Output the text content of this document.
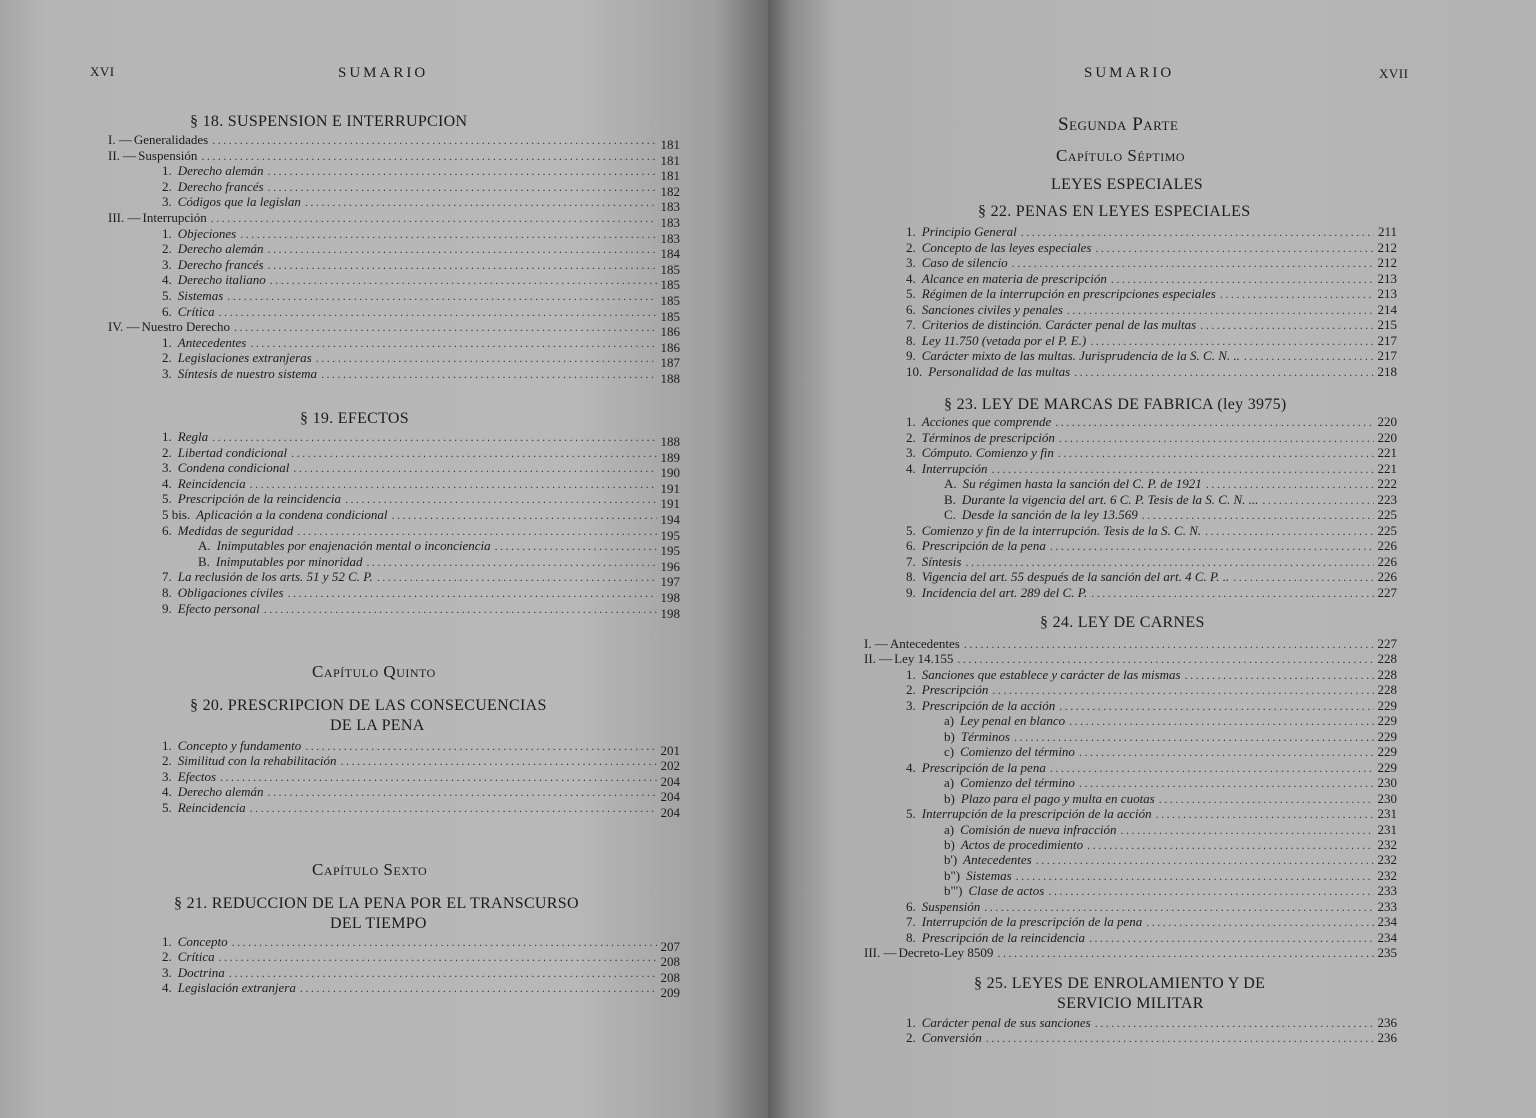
XVI	SUMARIO
§ 18. SUSPENSION E INTERRUPCION
I. — Generalidades .....	181
II. — Suspensión .....	181
1. Derecho alemán .....	181
2. Derecho francés .....	182
3. Códigos que la legislan .....	183
III. — Interrupción .....	183
1. Objeciones .....	183
2. Derecho alemán .....	184
3. Derecho francés .....	185
4. Derecho italiano .....	185
5. Sistemas .....	185
6. Crítica .....	185
IV. — Nuestro Derecho .....	186
1. Antecedentes .....	186
2. Legislaciones extranjeras .....	187
3. Síntesis de nuestro sistema .....	188
§ 19. EFECTOS
1. Regla .....	188
2. Libertad condicional .....	189
3. Condena condicional .....	190
4. Reincidencia .....	191
5. Prescripción de la reincidencia .....	191
5 bis. Aplicación a la condena condicional .....	194
6. Medidas de seguridad .....	195
A. Inimputables por enajenación mental o inconciencia .....	195
B. Inimputables por minoridad .....	196
7. La reclusión de los arts. 51 y 52 C. P. .....	197
8. Obligaciones civiles .....	198
9. Efecto personal .....	198
Capítulo Quinto
§ 20. PRESCRIPCION DE LAS CONSECUENCIAS
DE LA PENA
1. Concepto y fundamento .....	201
2. Similitud con la rehabilitación .....	202
3. Efectos .....	204
4. Derecho alemán .....	204
5. Reincidencia .....	204
Capítulo Sexto
§ 21. REDUCCION DE LA PENA POR EL TRANSCURSO
DEL TIEMPO
1. Concepto .....	207
2. Crítica .....	208
3. Doctrina .....	208
4. Legislación extranjera .....	209
SUMARIO	XVII
Segunda Parte
Capítulo Séptimo
LEYES ESPECIALES
§ 22. PENAS EN LEYES ESPECIALES
1. Principio General .....	211
2. Concepto de las leyes especiales .....	212
3. Caso de silencio .....	212
4. Alcance en materia de prescripción .....	213
5. Régimen de la interrupción en prescripciones especiales .....	213
6. Sanciones civiles y penales .....	214
7. Criterios de distinción. Carácter penal de las multas .....	215
8. Ley 11.750 (vetada por el P. E.) .....	217
9. Carácter mixto de las multas. Jurisprudencia de la S. C. N. .. .....	217
10. Personalidad de las multas .....	218
§ 23. LEY DE MARCAS DE FABRICA (ley 3975)
1. Acciones que comprende .....	220
2. Términos de prescripción .....	220
3. Cómputo. Comienzo y fin .....	221
4. Interrupción .....	221
A. Su régimen hasta la sanción del C. P. de 1921 .....	222
B. Durante la vigencia del art. 6 C. P. Tesis de la S. C. N. ... .....	223
C. Desde la sanción de la ley 13.569 .....	225
5. Comienzo y fin de la interrupción. Tesis de la S. C. N. .....	225
6. Prescripción de la pena .....	226
7. Síntesis .....	226
8. Vigencia del art. 55 después de la sanción del art. 4 C. P. .. .....	226
9. Incidencia del art. 289 del C. P. .....	227
§ 24. LEY DE CARNES
I. — Antecedentes .....	227
II. — Ley 14.155 .....	228
1. Sanciones que establece y carácter de las mismas .....	228
2. Prescripción .....	228
3. Prescripción de la acción .....	229
a) Ley penal en blanco .....	229
b) Términos .....	229
c) Comienzo del término .....	229
4. Prescripción de la pena .....	229
a) Comienzo del término .....	230
b) Plazo para el pago y multa en cuotas .....	230
5. Interrupción de la prescripción de la acción .....	231
a) Comisión de nueva infracción .....	231
b) Actos de procedimiento .....	232
b') Antecedentes .....	232
b") Sistemas .....	232
b"') Clase de actos .....	233
6. Suspensión .....	233
7. Interrupción de la prescripción de la pena .....	234
8. Prescripción de la reincidencia .....	234
III. — Decreto-Ley 8509 .....	235
§ 25. LEYES DE ENROLAMIENTO Y DE
SERVICIO MILITAR
1. Carácter penal de sus sanciones .....	236
2. Conversión .....	236
